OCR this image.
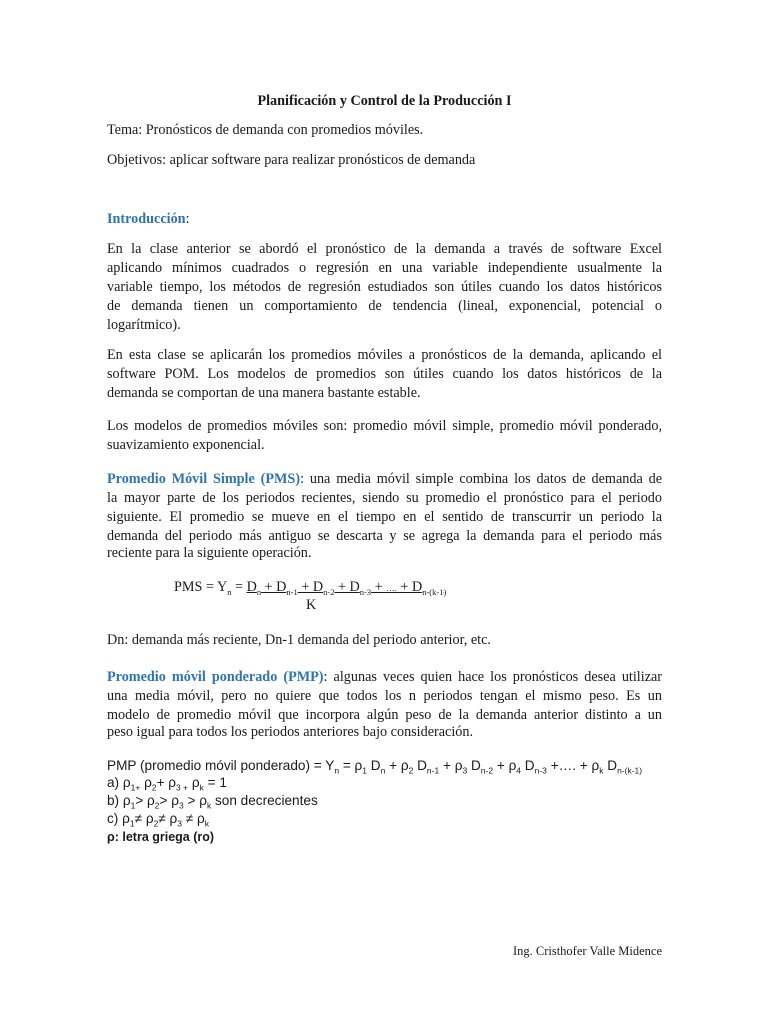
Planificación y Control de la Producción I

Tema: Pronósticos de demanda con promedios móviles.

Objetivos: aplicar software para realizar pronósticos de demanda

Introducción:

En la clase anterior se abordó el pronóstico de la demanda a través de software Excel

aplicando mínimos cuadrados o regresión en una variable independiente usualmente la

variable tiempo, los métodos de regresión estudiados son útiles cuando los datos históricos

de demanda tienen un comportamiento de tendencia (lineal, exponencial, potencial o

logarítmico).

En esta clase se aplicarán los promedios móviles a pronósticos de la demanda, aplicando el

software POM. Los modelos de promedios son útiles cuando los datos históricos de la

demanda se comportan de una manera bastante estable.

Los modelos de promedios móviles son: promedio móvil simple, promedio móvil ponderado,

suavizamiento exponencial.

Promedio Móvil Simple (PMS): una media móvil simple combina los datos de demanda de

la mayor parte de los periodos recientes, siendo su promedio el pronóstico para el periodo

siguiente. El promedio se mueve en el tiempo en el sentido de transcurrir un periodo la

demanda del periodo más antiguo se descarta y se agrega la demanda para el periodo más

reciente para la siguiente operación.

PMS = $Y_n = D_n + D_{n-1} + D_{n-2} + D_{n-3}$ + …. + $D_{n-(k-1)}$
K

Dn: demanda más reciente, Dn-1 demanda del periodo anterior, etc.

Promedio móvil ponderado (PMP): algunas veces quien hace los pronósticos desea utilizar

una media móvil, pero no quiere que todos los n periodos tengan el mismo peso. Es un

modelo de promedio móvil que incorpora algún peso de la demanda anterior distinto a un

peso igual para todos los periodos anteriores bajo consideración.

PMP (promedio móvil ponderado) = $Y_n = \rho_1$ $D_n + \rho_2$ $D_{n-1} + \rho_3$ $D_{n-2} + \rho_4$ $D_{n-3}$ +…. + $\rho_k$ $D_{n-(k-1)}$

a) $\rho_{1+}$ $\rho_2+ \rho_{3 +}$ $\rho_k = 1$

b) $\rho_1> \rho_2> \rho_3 > \rho_k$ son decrecientes

c) $\rho_1\ne \rho_2\ne \rho_3 \ne \rho_k$

ρ: letra griega (ro)

Ing. Cristhofer Valle Midence
